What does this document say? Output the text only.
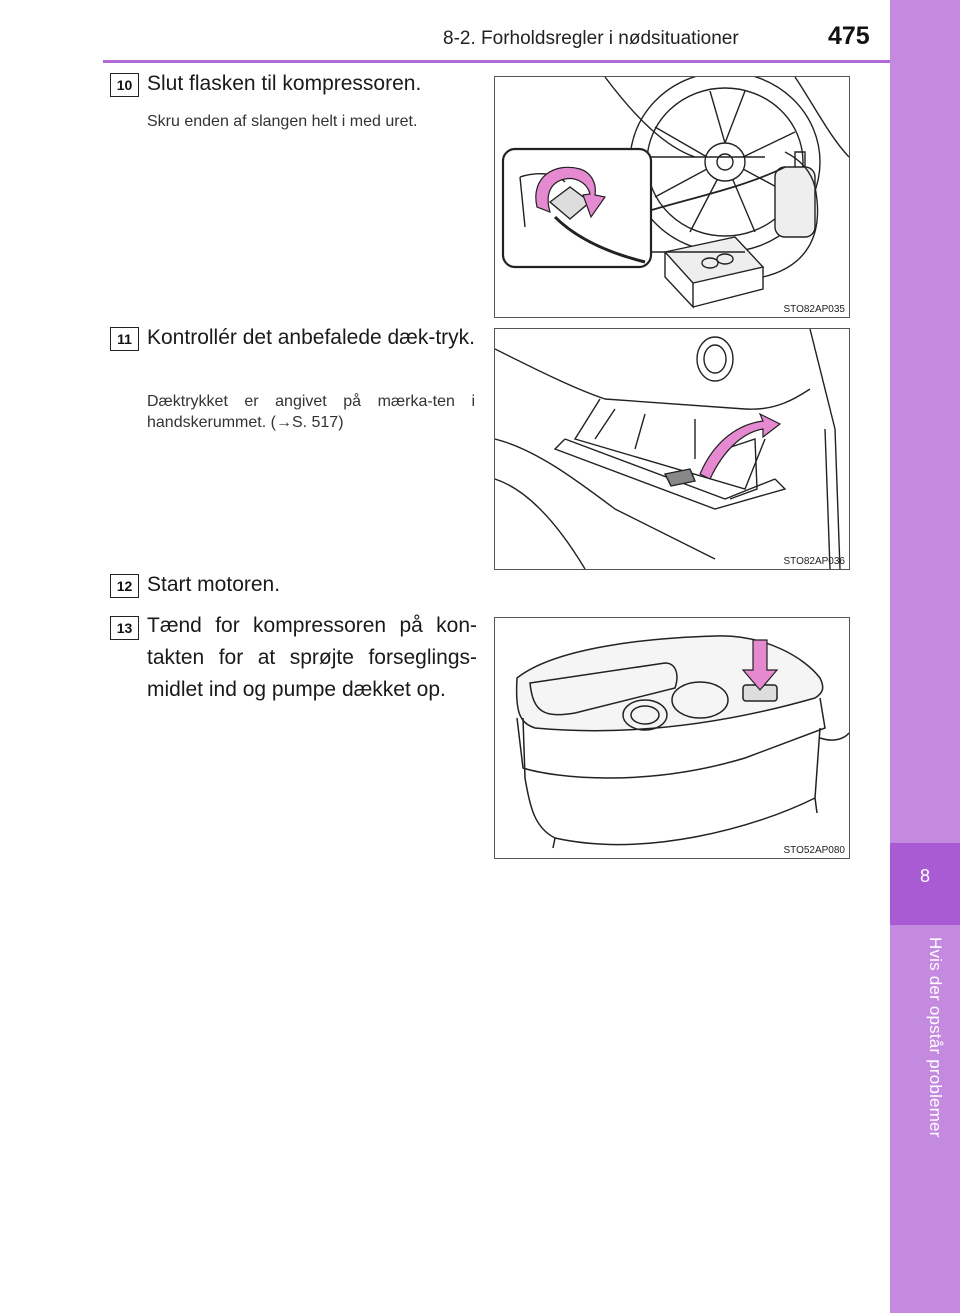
8-2. Forholdsregler i nødsituationer	475
8
Hvis der opstår problemer
10 Slut flasken til kompressoren.
Skru enden af slangen helt i med uret.
STO82AP035
11 Kontrollér det anbefalede dæk-tryk.
Dæktrykket er angivet på mærka-ten i handskerummet. (→S. 517)
STO82AP036
12 Start motoren.
13 Tænd for kompressoren på kon-takten for at sprøjte forseglings-midlet ind og pumpe dækket op.
STO52AP080
